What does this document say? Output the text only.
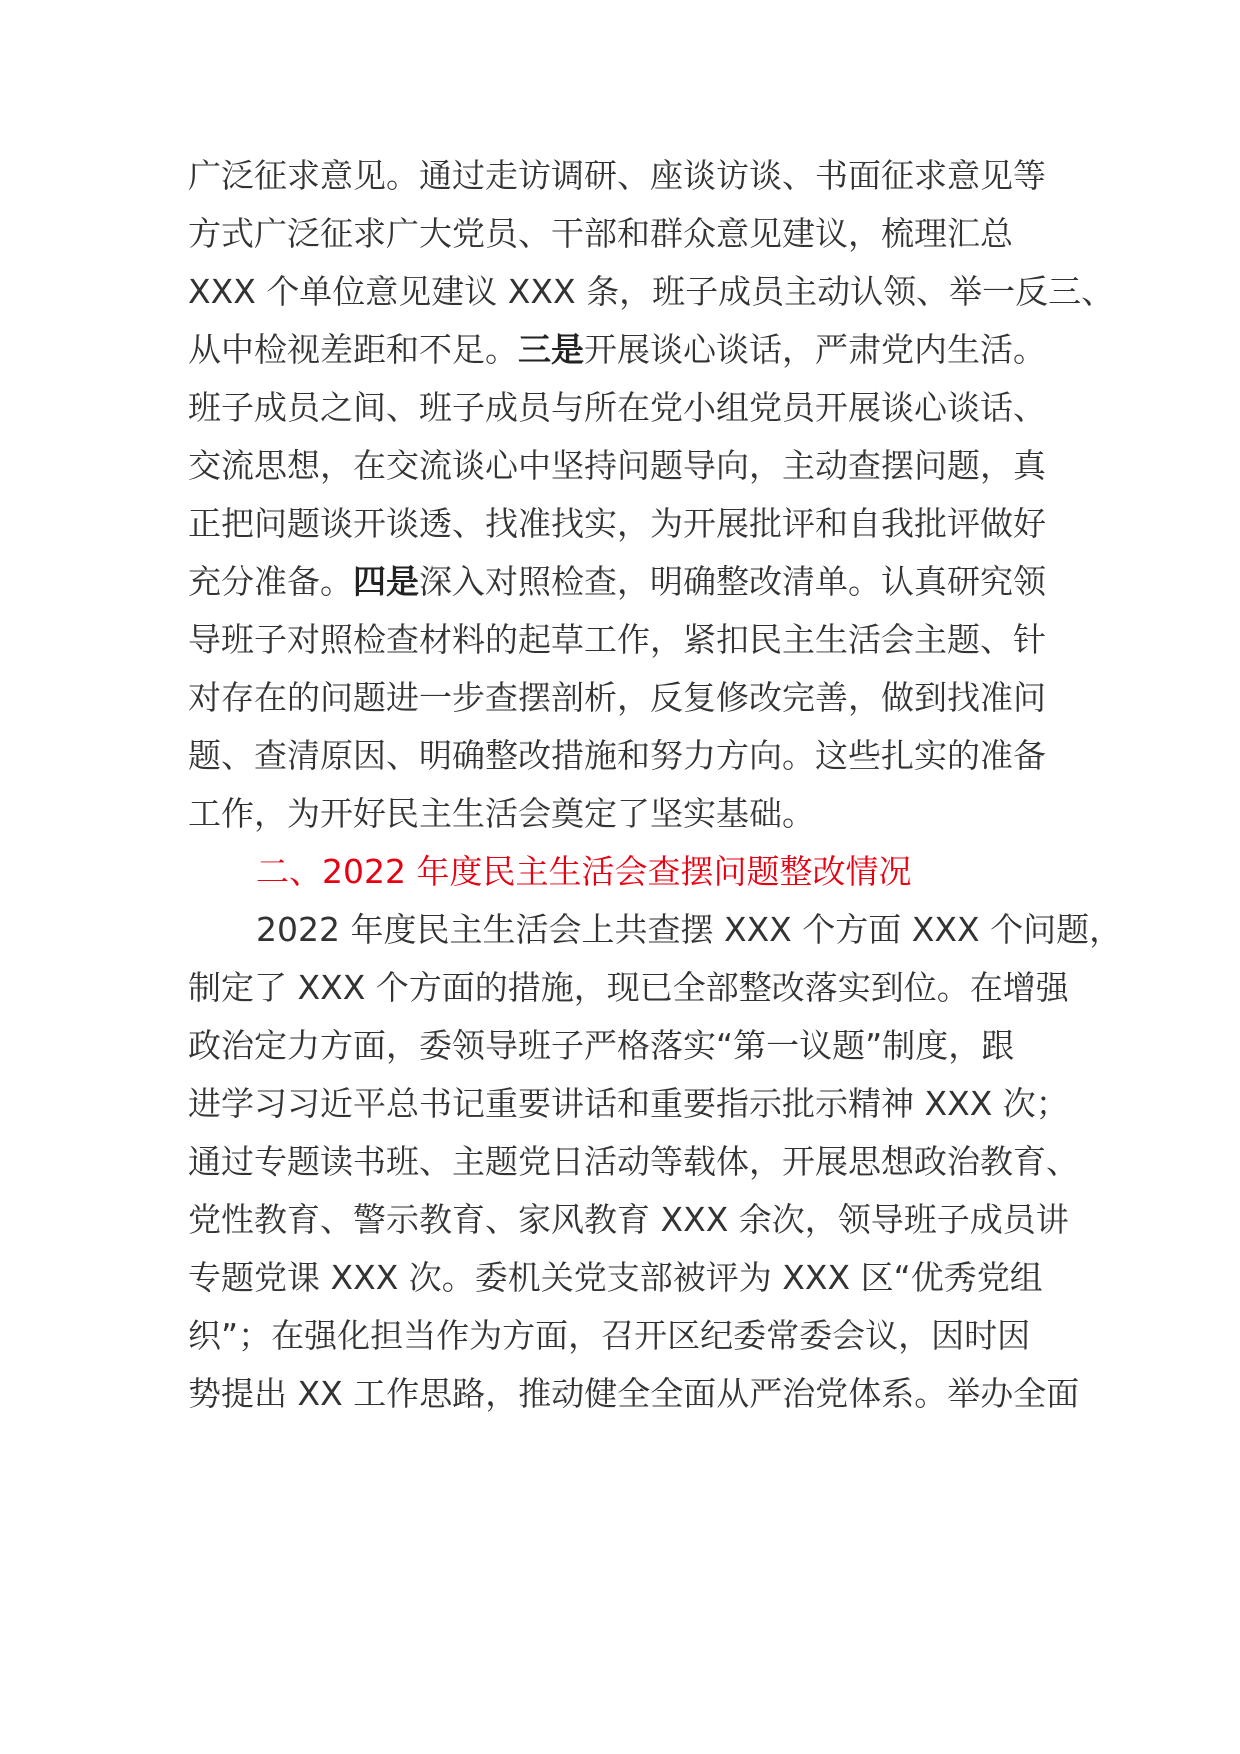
广泛征求意见。通过走访调研、座谈访谈、书面征求意见等
方式广泛征求广大党员、干部和群众意见建议，梳理汇总
XXX 个单位意见建议 XXX 条，班子成员主动认领、举一反三、
从中检视差距和不足。三是开展谈心谈话，严肃党内生活。
班子成员之间、班子成员与所在党小组党员开展谈心谈话、
交流思想，在交流谈心中坚持问题导向，主动查摆问题，真
正把问题谈开谈透、找准找实，为开展批评和自我批评做好
充分准备。四是深入对照检查，明确整改清单。认真研究领
导班子对照检查材料的起草工作，紧扣民主生活会主题、针
对存在的问题进一步查摆剖析，反复修改完善，做到找准问
题、查清原因、明确整改措施和努力方向。这些扎实的准备
工作，为开好民主生活会奠定了坚实基础。
二、2022 年度民主生活会查摆问题整改情况
2022 年度民主生活会上共查摆 XXX 个方面 XXX 个问题，
制定了 XXX 个方面的措施，现已全部整改落实到位。在增强
政治定力方面，委领导班子严格落实“第一议题”制度，跟
进学习习近平总书记重要讲话和重要指示批示精神 XXX 次；
通过专题读书班、主题党日活动等载体，开展思想政治教育、
党性教育、警示教育、家风教育 XXX 余次，领导班子成员讲
专题党课 XXX 次。委机关党支部被评为 XXX 区“优秀党组
织”；在强化担当作为方面，召开区纪委常委会议，因时因
势提出 XX 工作思路，推动健全全面从严治党体系。举办全面
